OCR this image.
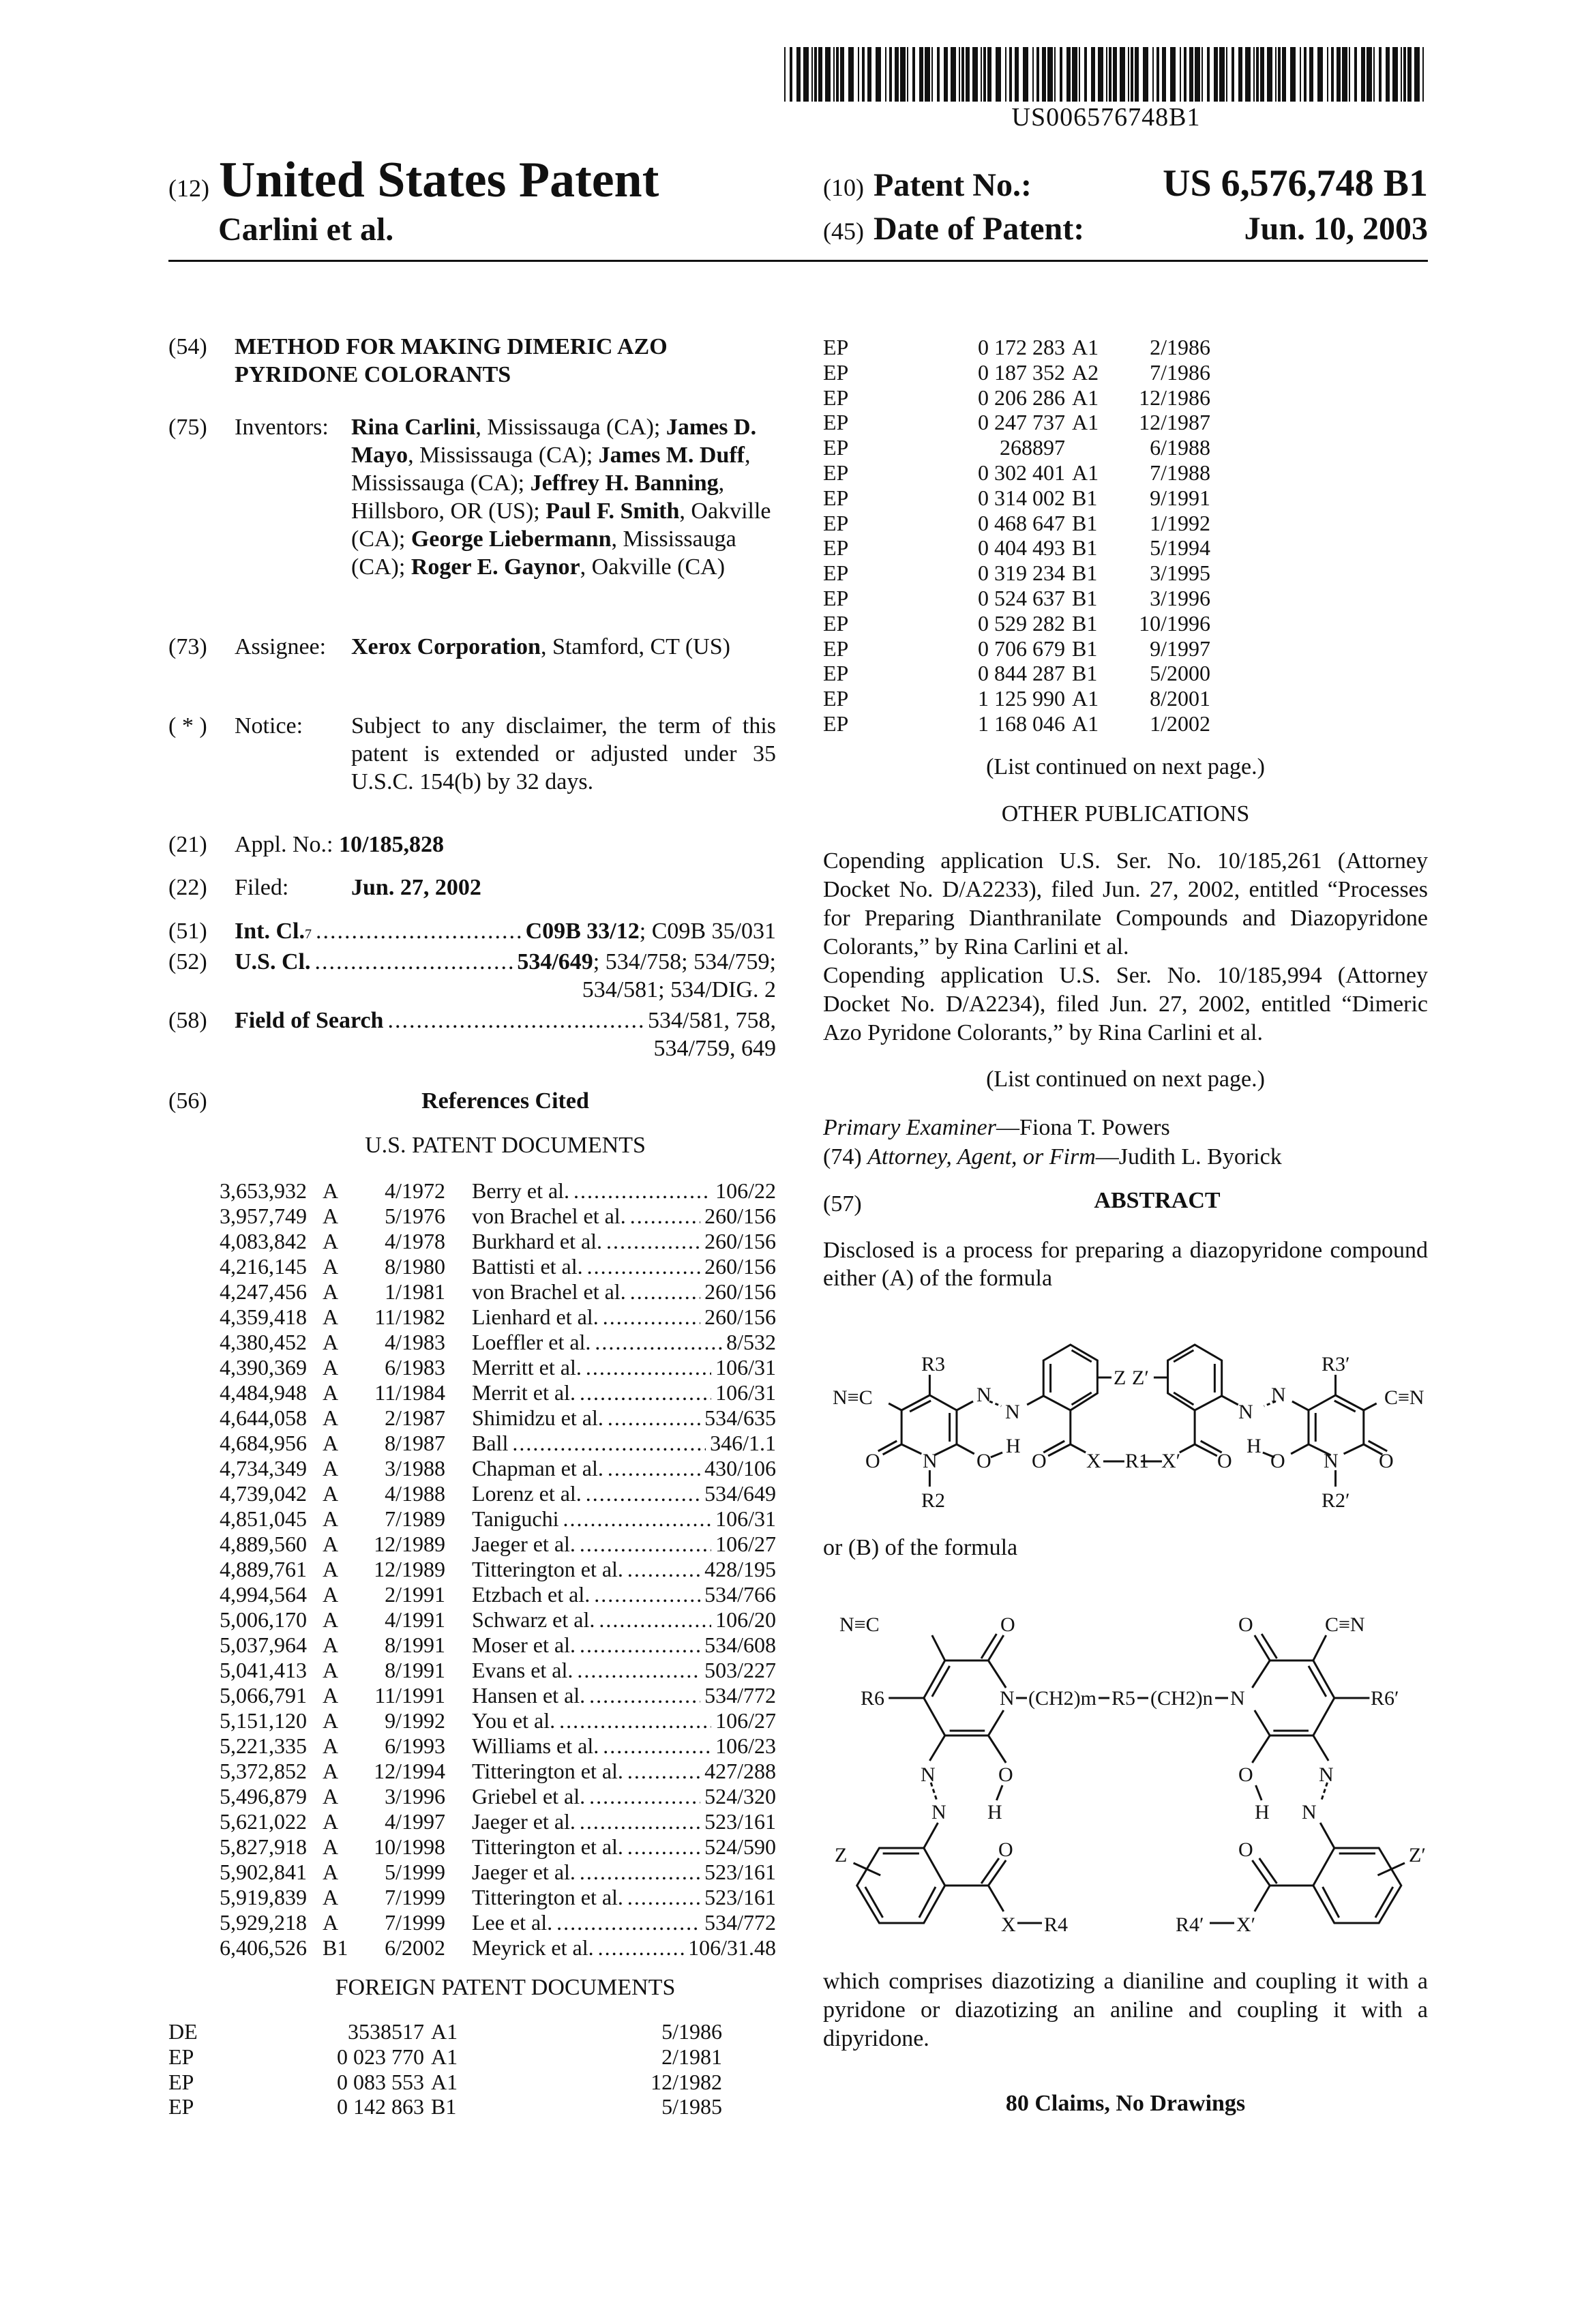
US006576748B1
(12) United States Patent
Carlini et al.
(10) Patent No.:	US 6,576,748 B1
(45) Date of Patent:	Jun. 10, 2003
(54) METHOD FOR MAKING DIMERIC AZO
PYRIDONE COLORANTS
(75) Inventors: Rina Carlini, Mississauga (CA); James D. Mayo, Mississauga (CA); James M. Duff, Mississauga (CA); Jeffrey H. Banning, Hillsboro, OR (US); Paul F. Smith, Oakville (CA); George Liebermann, Mississauga (CA); Roger E. Gaynor, Oakville (CA)
(73) Assignee: Xerox Corporation, Stamford, CT (US)
( * ) Notice: Subject to any disclaimer, the term of this patent is extended or adjusted under 35 U.S.C. 154(b) by 32 days.
(21) Appl. No.: 10/185,828
(22) Filed:	Jun. 27, 2002
(51) Int. Cl. 7
.....	C09B 33/12 ; C09B 35/031
(52) U.S. Cl.
.....	534/649 ; 534/758; 534/759;
534/581; 534/DIG. 2
(58) Field of Search
.....	534/581, 758,
534/759, 649
(56)	References Cited
U.S. PATENT DOCUMENTS
3,653,932 A 4/1972 Berry et al.
.....	106/22
3,957,749 A 5/1976 von Brachel et al.
.....	260/156
4,083,842 A 4/1978 Burkhard et al.
.....	260/156
4,216,145 A 8/1980 Battisti et al.
.....	260/156
4,247,456 A 1/1981 von Brachel et al.
.....	260/156
4,359,418 A 11/1982 Lienhard et al.
.....	260/156
4,380,452 A 4/1983 Loeffler et al.
.....	8/532
4,390,369 A 6/1983 Merritt et al.
.....	106/31
4,484,948 A 11/1984 Merrit et al.
.....	106/31
4,644,058 A 2/1987 Shimidzu et al.
.....	534/635
4,684,956 A 8/1987 Ball
.....	346/1.1
4,734,349 A 3/1988 Chapman et al.
.....	430/106
4,739,042 A 4/1988 Lorenz et al.
.....	534/649
4,851,045 A 7/1989 Taniguchi
.....	106/31
4,889,560 A 12/1989 Jaeger et al.
.....	106/27
4,889,761 A 12/1989 Titterington et al.
.....	428/195
4,994,564 A 2/1991 Etzbach et al.
.....	534/766
5,006,170 A 4/1991 Schwarz et al.
.....	106/20
5,037,964 A 8/1991 Moser et al.
.....	534/608
5,041,413 A 8/1991 Evans et al.
.....	503/227
5,066,791 A 11/1991 Hansen et al.
.....	534/772
5,151,120 A 9/1992 You et al.
.....	106/27
5,221,335 A 6/1993 Williams et al.
.....	106/23
5,372,852 A 12/1994 Titterington et al.
.....	427/288
5,496,879 A 3/1996 Griebel et al.
.....	524/320
5,621,022 A 4/1997 Jaeger et al.
.....	523/161
5,827,918 A 10/1998 Titterington et al.
.....	524/590
5,902,841 A 5/1999 Jaeger et al.
.....	523/161
5,919,839 A 7/1999 Titterington et al.
.....	523/161
5,929,218 A 7/1999 Lee et al.
.....	534/772
6,406,526 B1 6/2002 Meyrick et al.
.....	106/31.48
FOREIGN PATENT DOCUMENTS
DE	3538517 A1	5/1986
EP	0 023 770 A1	2/1981
EP	0 083 553 A1	12/1982
EP	0 142 863 B1	5/1985
EP	0 172 283 A1 2/1986
EP	0 187 352 A2 7/1986
EP	0 206 286 A1 12/1986
EP	0 247 737 A1 12/1987
EP	268897	6/1988
EP	0 302 401 A1 7/1988
EP	0 314 002 B1 9/1991
EP	0 468 647 B1 1/1992
EP	0 404 493 B1 5/1994
EP	0 319 234 B1 3/1995
EP	0 524 637 B1 3/1996
EP	0 529 282 B1 10/1996
EP	0 706 679 B1 9/1997
EP	0 844 287 B1 5/2000
EP	1 125 990 A1 8/2001
EP	1 168 046 A1 1/2002
(List continued on next page.)
OTHER PUBLICATIONS
Copending application U.S. Ser. No. 10/185,261 (Attorney Docket No. D/A2233), filed Jun. 27, 2002, entitled “Processes for Preparing Dianthranilate Compounds and Diazopyridone Colorants,” by Rina Carlini et al.
Copending application U.S. Ser. No. 10/185,994 (Attorney Docket No. D/A2234), filed Jun. 27, 2002, entitled “Dimeric Azo Pyridone Colorants,” by Rina Carlini et al.
(List continued on next page.)
Primary Examiner—Fiona T. Powers
(74) Attorney, Agent, or Firm—Judith L. Byorick
(57)	ABSTRACT
Disclosed is a process for preparing a diazopyridone compound either (A) of the formula
N≡C
R3
O N
R2
O
H
N
N
Z
O X R1 X′
Z′
O
H
O
N
N
N
R2′
R3′
O
C≡N
or (B) of the formula
N≡C	O
R6	N (CH2)m R5 (CH2)n N	R6′
O	C≡N
N
N
O
H
O
H
N
N
Z	O
X R4	R4′ X′
O	Z′
which comprises diazotizing a dianiline and coupling it with a pyridone or diazotizing an aniline and coupling it with a dipyridone.
80 Claims, No Drawings
